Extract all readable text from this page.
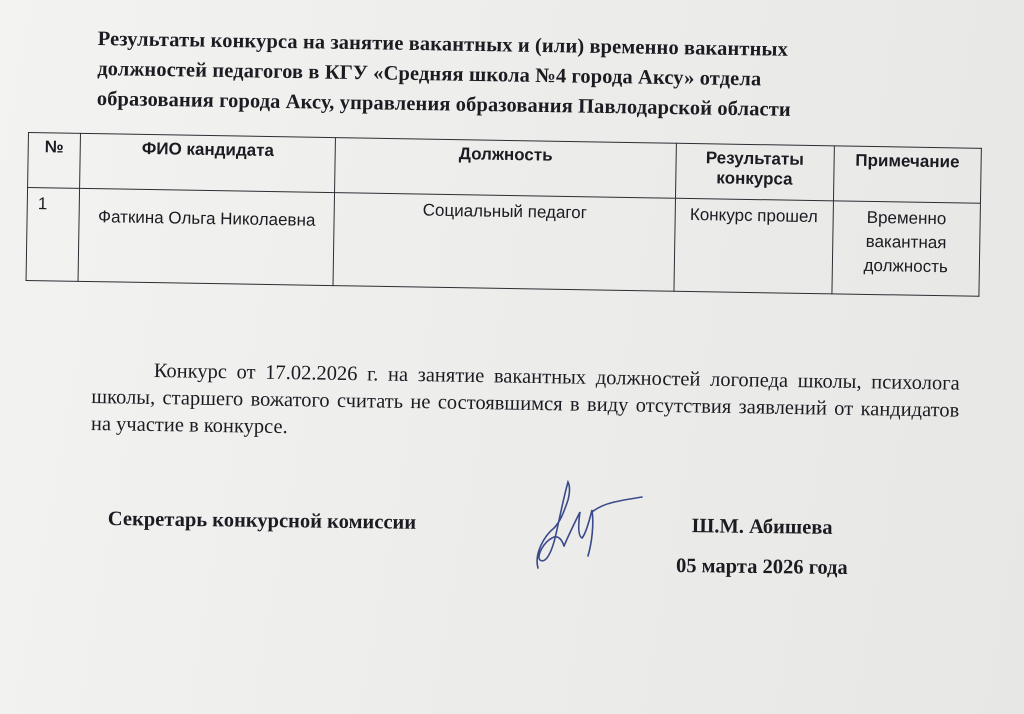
Результаты конкурса на занятие вакантных и (или) временно вакантных
должностей педагогов в КГУ «Средняя школа №4 города Аксу» отдела
образования города Аксу, управления образования Павлодарской области
№	ФИО кандидата	Должность	Результаты конкурса	Примечание
1	Фаткина Ольга Николаевна	Социальный педагог	Конкурс прошел	Временно вакантная должность

Конкурс от 17.02.2026 г. на занятие вакантных должностей логопеда школы, психолога школы, старшего вожатого считать не состоявшимся в виду отсутствия заявлений от кандидатов на участие в конкурсе.

Секретарь конкурсной комиссии	Ш.М. Абишева
05 марта 2026 года
